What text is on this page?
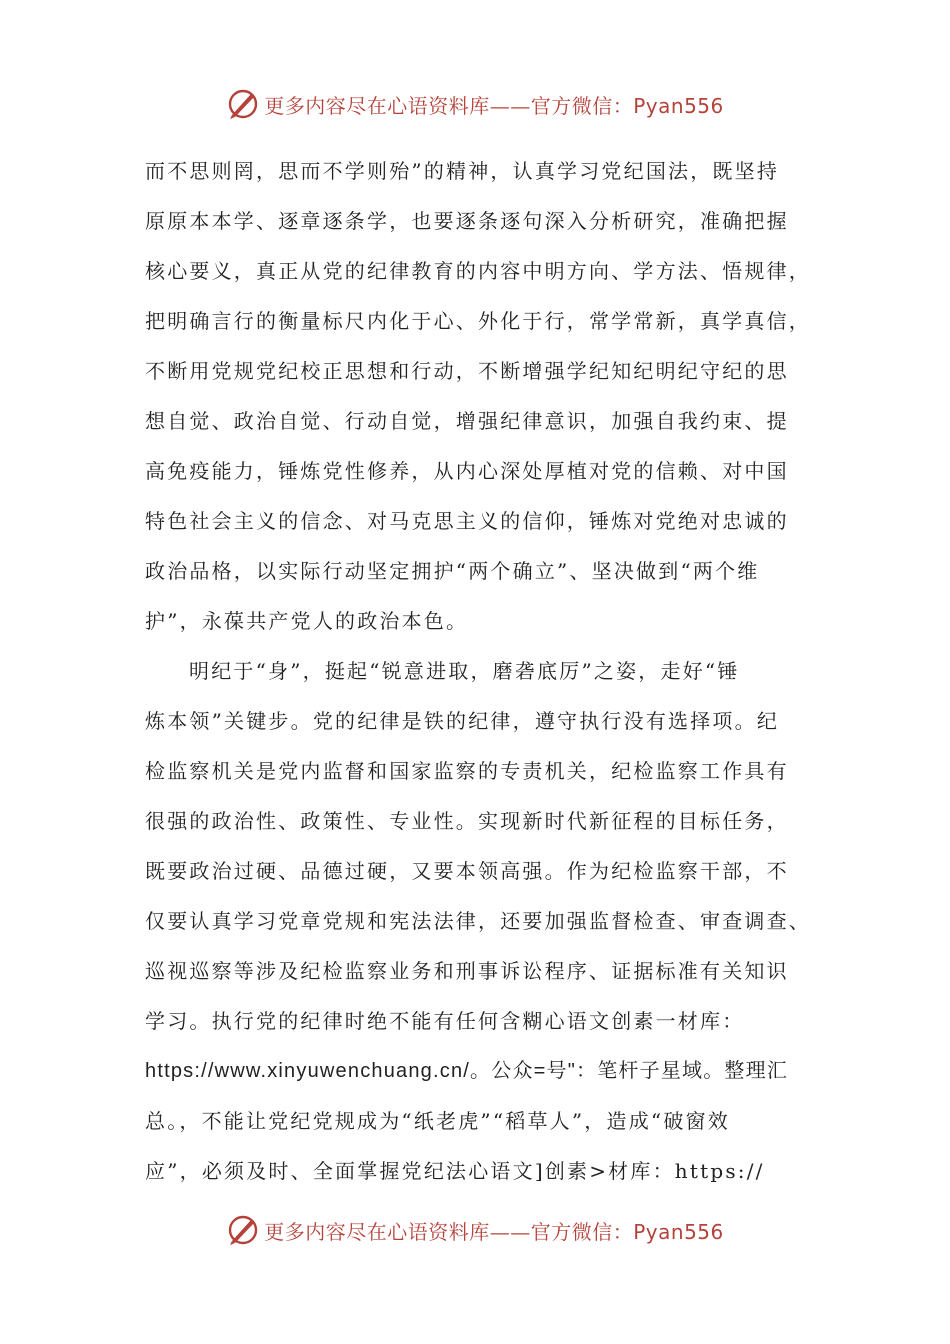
更多内容尽在心语资料库——官方微信：Pyan556
而不思则罔，思而不学则殆”的精神，认真学习党纪国法，既坚持
原原本本学、逐章逐条学，也要逐条逐句深入分析研究，准确把握
核心要义，真正从党的纪律教育的内容中明方向、学方法、悟规律，
把明确言行的衡量标尺内化于心、外化于行，常学常新，真学真信，
不断用党规党纪校正思想和行动，不断增强学纪知纪明纪守纪的思
想自觉、政治自觉、行动自觉，增强纪律意识，加强自我约束、提
高免疫能力，锤炼党性修养，从内心深处厚植对党的信赖、对中国
特色社会主义的信念、对马克思主义的信仰，锤炼对党绝对忠诚的
政治品格，以实际行动坚定拥护“两个确立”、坚决做到“两个维
护”，永葆共产党人的政治本色。
明纪于“身”，挺起“锐意进取，磨砻底厉”之姿，走好“锤
炼本领”关键步。党的纪律是铁的纪律，遵守执行没有选择项。纪
检监察机关是党内监督和国家监察的专责机关，纪检监察工作具有
很强的政治性、政策性、专业性。实现新时代新征程的目标任务，
既要政治过硬、品德过硬，又要本领高强。作为纪检监察干部，不
仅要认真学习党章党规和宪法法律，还要加强监督检查、审查调查、
巡视巡察等涉及纪检监察业务和刑事诉讼程序、证据标准有关知识
学习。执行党的纪律时绝不能有任何含糊心语文创素一材库：
https://www.xinyuwenchuang.cn/。公众=号"：笔杆子星域。整理汇
总。，不能让党纪党规成为“纸老虎”“稻草人”，造成“破窗效
应”，必须及时、全面掌握党纪法心语文]创素>材库：https://
更多内容尽在心语资料库——官方微信：Pyan556
